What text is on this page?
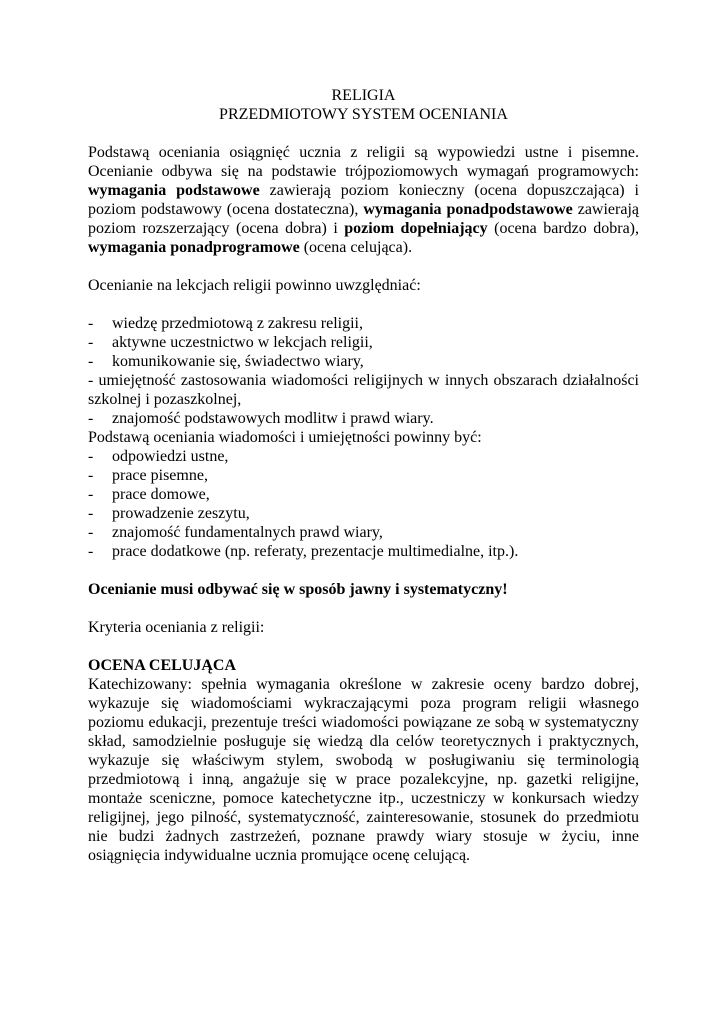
RELIGIA

PRZEDMIOTOWY SYSTEM OCENIANIA

Podstawą oceniania osiągnięć ucznia z religii są wypowiedzi ustne i pisemne. Ocenianie odbywa się na podstawie trójpoziomowych wymagań programowych: wymagania podstawowe zawierają poziom konieczny (ocena dopuszczająca) i poziom podstawowy (ocena dostateczna), wymagania ponadpodstawowe zawierają poziom rozszerzający (ocena dobra) i poziom dopełniający (ocena bardzo dobra), wymagania ponadprogramowe (ocena celująca).

Ocenianie na lekcjach religii powinno uwzględniać:

- wiedzę przedmiotową z zakresu religii,
- aktywne uczestnictwo w lekcjach religii,
- komunikowanie się, świadectwo wiary,
- umiejętność zastosowania wiadomości religijnych w innych obszarach działalności szkolnej i pozaszkolnej,
- znajomość podstawowych modlitw i prawd wiary.

Podstawą oceniania wiadomości i umiejętności powinny być:

- odpowiedzi ustne,
- prace pisemne,
- prace domowe,
- prowadzenie zeszytu,
- znajomość fundamentalnych prawd wiary,
- prace dodatkowe (np. referaty, prezentacje multimedialne, itp.).

Ocenianie musi odbywać się w sposób jawny i systematyczny!

Kryteria oceniania z religii:

OCENA CELUJĄCA

Katechizowany: spełnia wymagania określone w zakresie oceny bardzo dobrej, wykazuje się wiadomościami wykraczającymi poza program religii własnego poziomu edukacji, prezentuje treści wiadomości powiązane ze sobą w systematyczny skład, samodzielnie posługuje się wiedzą dla celów teoretycznych i praktycznych, wykazuje się właściwym stylem, swobodą w posługiwaniu się terminologią przedmiotową i inną, angażuje się w prace pozalekcyjne, np. gazetki religijne, montaże sceniczne, pomoce katechetyczne itp., uczestniczy w konkursach wiedzy religijnej, jego pilność, systematyczność, zainteresowanie, stosunek do przedmiotu nie budzi żadnych zastrzeżeń, poznane prawdy wiary stosuje w życiu, inne osiągnięcia indywidualne ucznia promujące ocenę celującą.
